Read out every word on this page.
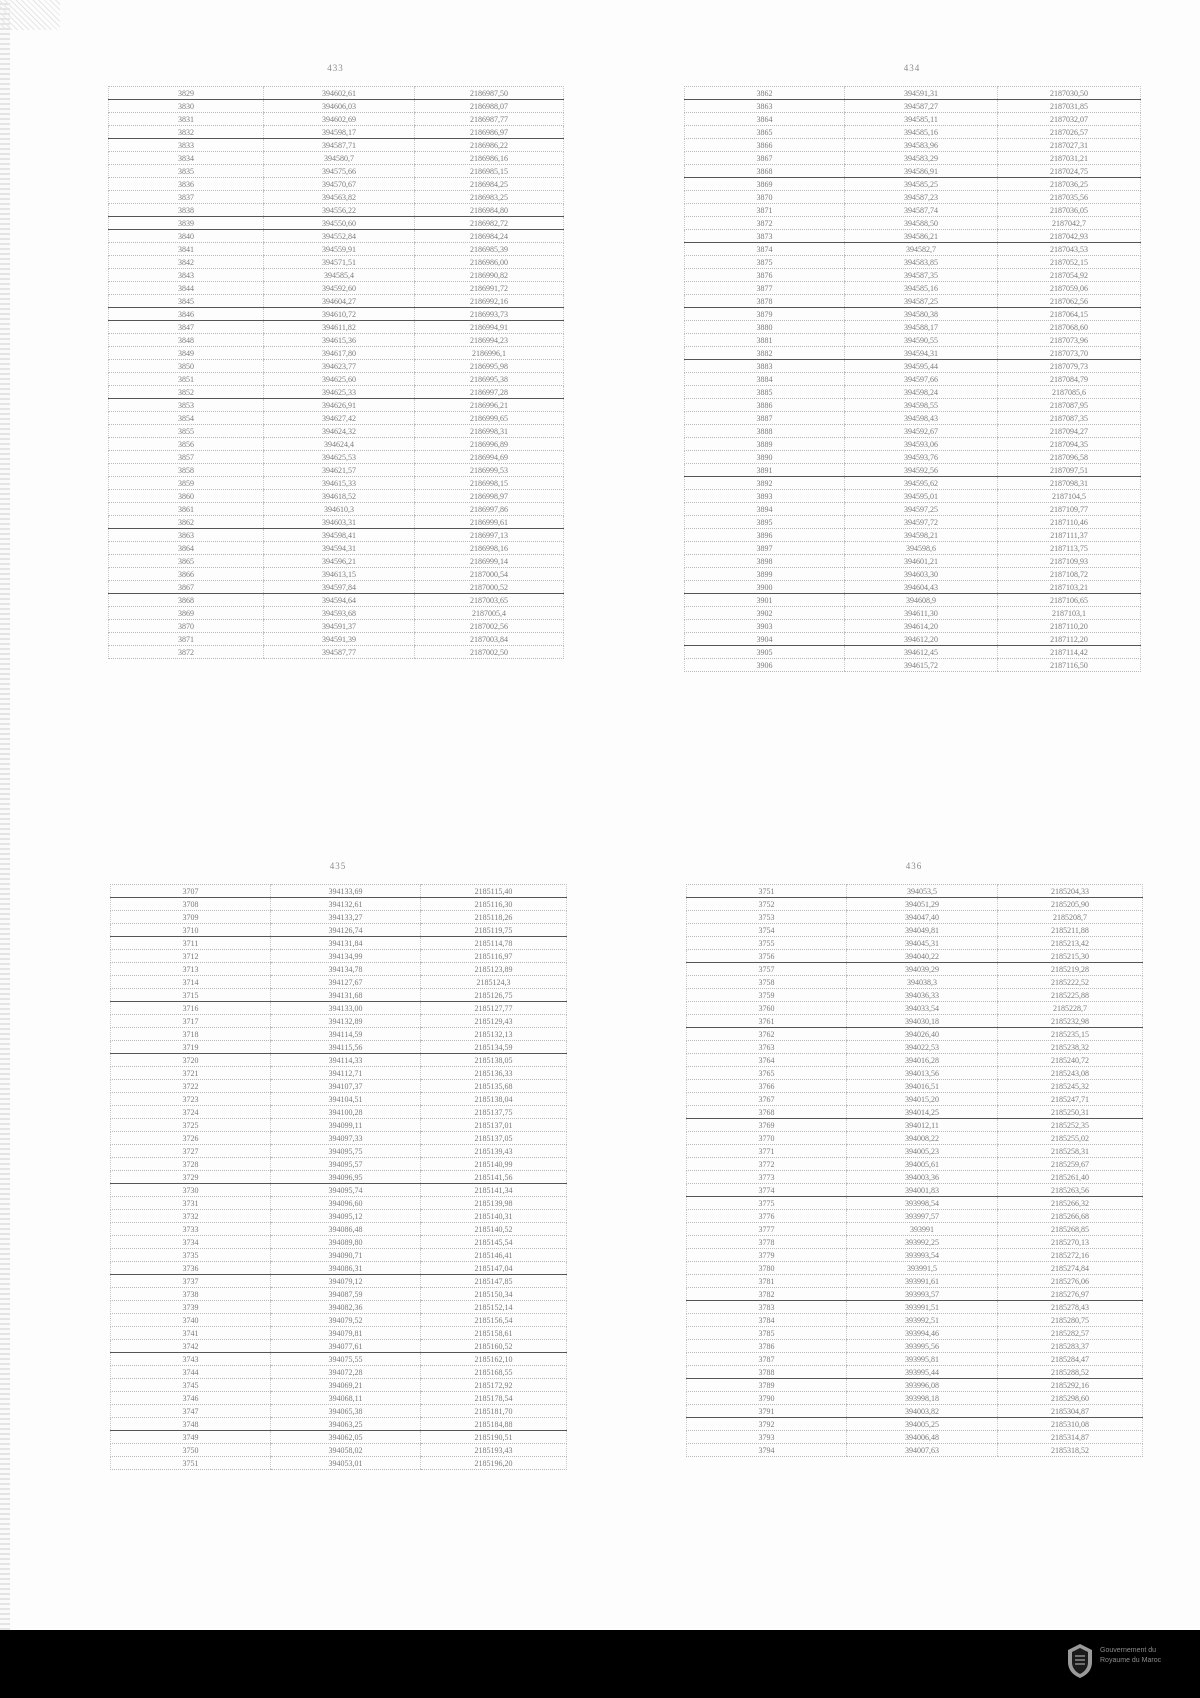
433
3829	394602,61	2186987,50
3830	394606,03	2186988,07
3831	394602,69	2186987,77
3832	394598,17	2186986,97
3833	394587,71	2186986,22
3834	394580,7	2186986,16
3835	394575,66	2186985,15
3836	394570,67	2186984,25
3837	394563,82	2186983,25
3838	394556,22	2186984,80
3839	394550,60	2186982,72
3840	394552,84	2186984,24
3841	394559,91	2186985,39
3842	394571,51	2186986,00
3843	394585,4	2186990,82
3844	394592,60	2186991,72
3845	394604,27	2186992,16
3846	394610,72	2186993,73
3847	394611,82	2186994,91
3848	394615,36	2186994,23
3849	394617,80	2186996,1
3850	394623,77	2186995,98
3851	394625,60	2186995,38
3852	394625,33	2186997,28
3853	394626,91	2186996,21
3854	394627,42	2186999,65
3855	394624,32	2186998,31
3856	394624,4	2186996,89
3857	394625,53	2186994,69
3858	394621,57	2186999,53
3859	394615,33	2186998,15
3860	394618,52	2186998,97
3861	394610,3	2186997,86
3862	394603,31	2186999,61
3863	394598,41	2186997,13
3864	394594,31	2186998,16
3865	394596,21	2186999,14
3866	394613,15	2187000,54
3867	394597,84	2187000,52
3868	394594,64	2187003,65
3869	394593,68	2187005,4
3870	394591,37	2187002,56
3871	394591,39	2187003,84
3872	394587,77	2187002,50
434
3862	394591,31	2187030,50
3863	394587,27	2187031,85
3864	394585,11	2187032,07
3865	394585,16	2187026,57
3866	394583,96	2187027,31
3867	394583,29	2187031,21
3868	394586,91	2187024,75
3869	394585,25	2187036,25
3870	394587,23	2187035,56
3871	394587,74	2187036,05
3872	394588,50	2187042,7
3873	394586,21	2187042,93
3874	394582,7	2187043,53
3875	394583,85	2187052,15
3876	394587,35	2187054,92
3877	394585,16	2187059,06
3878	394587,25	2187062,56
3879	394580,38	2187064,15
3880	394588,17	2187068,60
3881	394590,55	2187073,96
3882	394594,31	2187073,70
3883	394595,44	2187079,73
3884	394597,66	2187084,79
3885	394598,24	2187085,6
3886	394598,55	2187087,95
3887	394598,43	2187087,35
3888	394592,67	2187094,27
3889	394593,06	2187094,35
3890	394593,76	2187096,58
3891	394592,56	2187097,51
3892	394595,62	2187098,31
3893	394595,01	2187104,5
3894	394597,25	2187109,77
3895	394597,72	2187110,46
3896	394598,21	2187111,37
3897	394598,6	2187113,75
3898	394601,21	2187109,93
3899	394603,30	2187108,72
3900	394604,43	2187103,21
3901	394608,9	2187106,65
3902	394611,30	2187103,1
3903	394614,20	2187110,20
3904	394612,20	2187112,20
3905	394612,45	2187114,42
3906	394615,72	2187116,50
435
3707	394133,69	2185115,40
3708	394132,61	2185116,30
3709	394133,27	2185118,26
3710	394126,74	2185119,75
3711	394131,84	2185114,78
3712	394134,99	2185116,97
3713	394134,78	2185123,89
3714	394127,67	2185124,3
3715	394131,68	2185126,75
3716	394133,00	2185127,77
3717	394132,89	2185129,43
3718	394114,59	2185132,13
3719	394115,56	2185134,59
3720	394114,33	2185138,05
3721	394112,71	2185136,33
3722	394107,37	2185135,68
3723	394104,51	2185138,04
3724	394100,28	2185137,75
3725	394099,11	2185137,01
3726	394097,33	2185137,05
3727	394095,75	2185139,43
3728	394095,57	2185140,99
3729	394096,95	2185141,56
3730	394095,74	2185141,34
3731	394096,60	2185139,98
3732	394095,12	2185140,31
3733	394086,48	2185140,52
3734	394089,80	2185145,54
3735	394090,71	2185146,41
3736	394086,31	2185147,04
3737	394079,12	2185147,85
3738	394087,59	2185150,34
3739	394082,36	2185152,14
3740	394079,52	2185156,54
3741	394079,81	2185158,61
3742	394077,61	2185160,52
3743	394075,55	2185162,10
3744	394072,28	2185168,55
3745	394069,21	2185172,92
3746	394068,11	2185178,54
3747	394065,38	2185181,70
3748	394063,25	2185184,88
3749	394062,05	2185190,51
3750	394058,02	2185193,43
3751	394053,01	2185196,20
436
3751	394053,5	2185204,33
3752	394051,29	2185205,90
3753	394047,40	2185208,7
3754	394049,81	2185211,88
3755	394045,31	2185213,42
3756	394040,22	2185215,30
3757	394039,29	2185219,28
3758	394038,3	2185222,52
3759	394036,33	2185225,88
3760	394033,54	2185228,7
3761	394030,18	2185232,98
3762	394026,40	2185235,15
3763	394022,53	2185238,32
3764	394016,28	2185240,72
3765	394013,56	2185243,08
3766	394016,51	2185245,32
3767	394015,20	2185247,71
3768	394014,25	2185250,31
3769	394012,11	2185252,35
3770	394008,22	2185255,02
3771	394005,23	2185258,31
3772	394005,61	2185259,67
3773	394003,36	2185261,40
3774	394001,83	2185263,56
3775	393998,54	2185266,32
3776	393997,57	2185266,68
3777	393991	2185268,85
3778	393992,25	2185270,13
3779	393993,54	2185272,16
3780	393991,5	2185274,84
3781	393991,61	2185276,06
3782	393993,57	2185276,97
3783	393991,51	2185278,43
3784	393992,51	2185280,75
3785	393994,46	2185282,57
3786	393995,56	2185283,37
3787	393995,81	2185284,47
3788	393995,44	2185288,52
3789	393996,08	2185292,16
3790	393998,18	2185298,60
3791	394003,82	2185304,87
3792	394005,25	2185310,08
3793	394006,48	2185314,87
3794	394007,63	2185318,52
Gouvernement du
Royaume du Maroc
